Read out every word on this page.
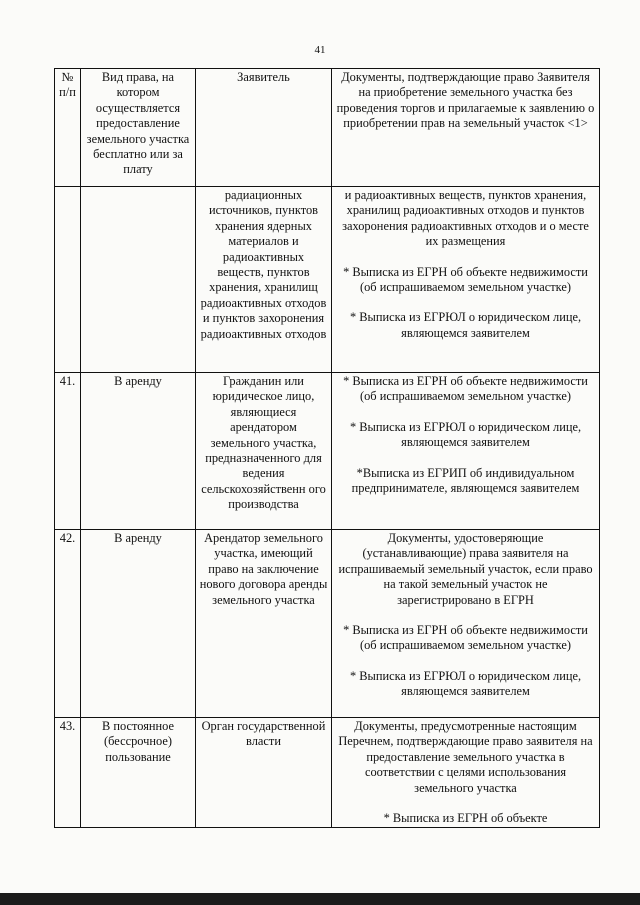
41
№ п/п	Вид права, на котором осуществляется предоставление земельного участка бесплатно или за плату	Заявитель	Документы, подтверждающие право Заявителя на приобретение земельного участка без проведения торгов и прилагаемые к заявлению о приобретении прав на земельный участок <1>
		радиационных источников, пунктов хранения ядерных материалов и радиоактивных веществ, пунктов хранения, хранилищ радиоактивных отходов и пунктов захоронения радиоактивных отходов	и радиоактивных веществ, пунктов хранения, хранилищ радиоактивных отходов и пунктов захоронения радиоактивных отходов и о месте их размещения

* Выписка из ЕГРН об объекте недвижимости (об испрашиваемом земельном участке)

* Выписка из ЕГРЮЛ о юридическом лице, являющемся заявителем

41.	В аренду	Гражданин или юридическое лицо, являющиеся арендатором земельного участка, предназначенного для ведения сельскохозяйственн ого производства	* Выписка из ЕГРН об объекте недвижимости (об испрашиваемом земельном участке)

* Выписка из ЕГРЮЛ о юридическом лице, являющемся заявителем

*Выписка из ЕГРИП об индивидуальном предпринимателе, являющемся заявителем

42.	В аренду	Арендатор земельного участка, имеющий право на заключение нового договора аренды земельного участка	Документы, удостоверяющие (устанавливающие) права заявителя на испрашиваемый земельный участок, если право на такой земельный участок не зарегистрировано в ЕГРН

* Выписка из ЕГРН об объекте недвижимости (об испрашиваемом земельном участке)

* Выписка из ЕГРЮЛ о юридическом лице, являющемся заявителем

43.	В постоянное (бессрочное) пользование	Орган государственной власти	Документы, предусмотренные настоящим Перечнем, подтверждающие право заявителя на предоставление земельного участка в соответствии с целями использования земельного участка

* Выписка из ЕГРН об объекте
